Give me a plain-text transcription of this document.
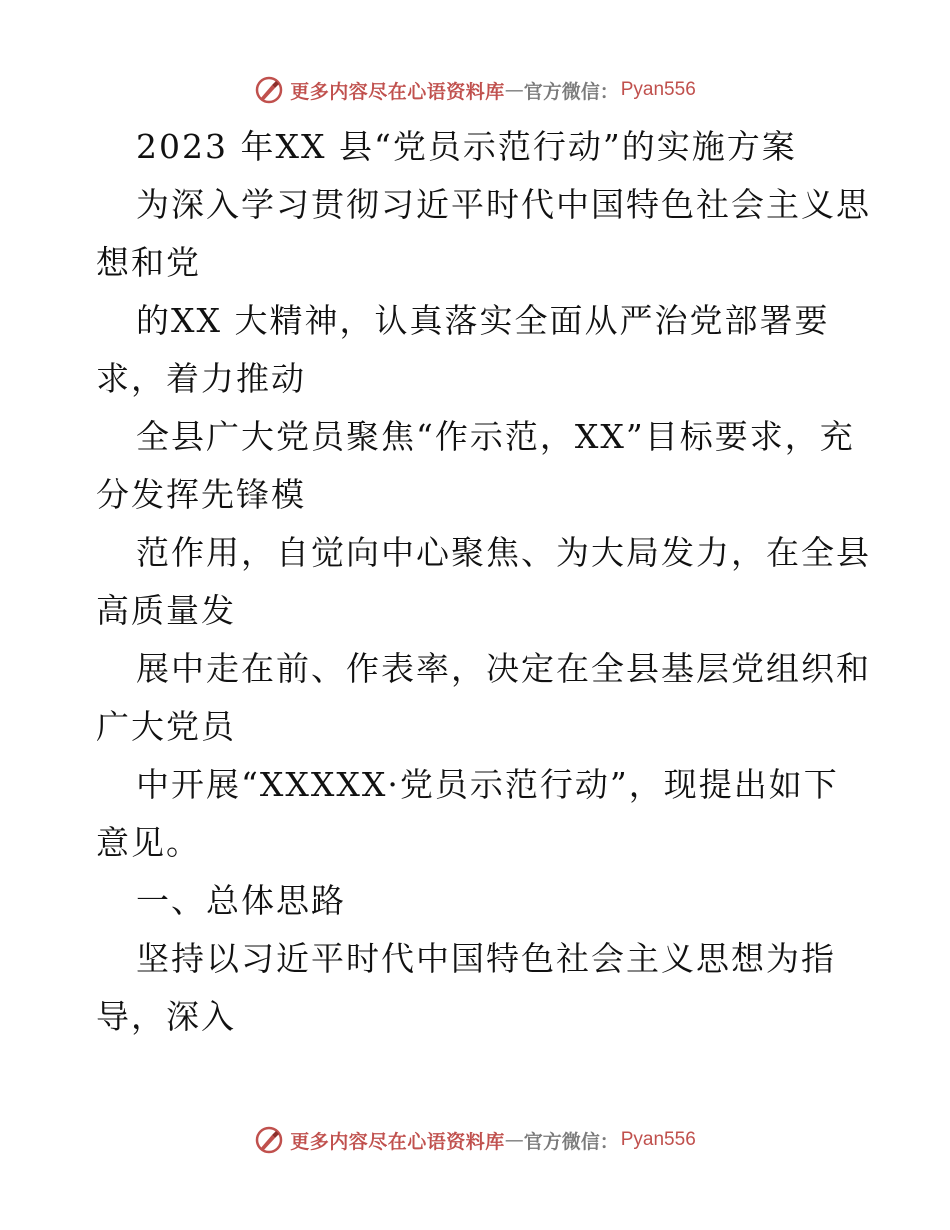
更多内容尽在心语资料库 — 官方微信： Pyan556
2023 年XX 县“党员示范行动”的实施方案
为深入学习贯彻习近平时代中国特色社会主义思
想和党
的XX 大精神，认真落实全面从严治党部署要
求，着力推动
全县广大党员聚焦“作示范，XX”目标要求，充
分发挥先锋模
范作用，自觉向中心聚焦、为大局发力，在全县
高质量发
展中走在前、作表率，决定在全县基层党组织和
广大党员
中开展“XXXXX·党员示范行动”，现提出如下
意见。
一、总体思路
坚持以习近平时代中国特色社会主义思想为指
导，深入
更多内容尽在心语资料库 — 官方微信： Pyan556
